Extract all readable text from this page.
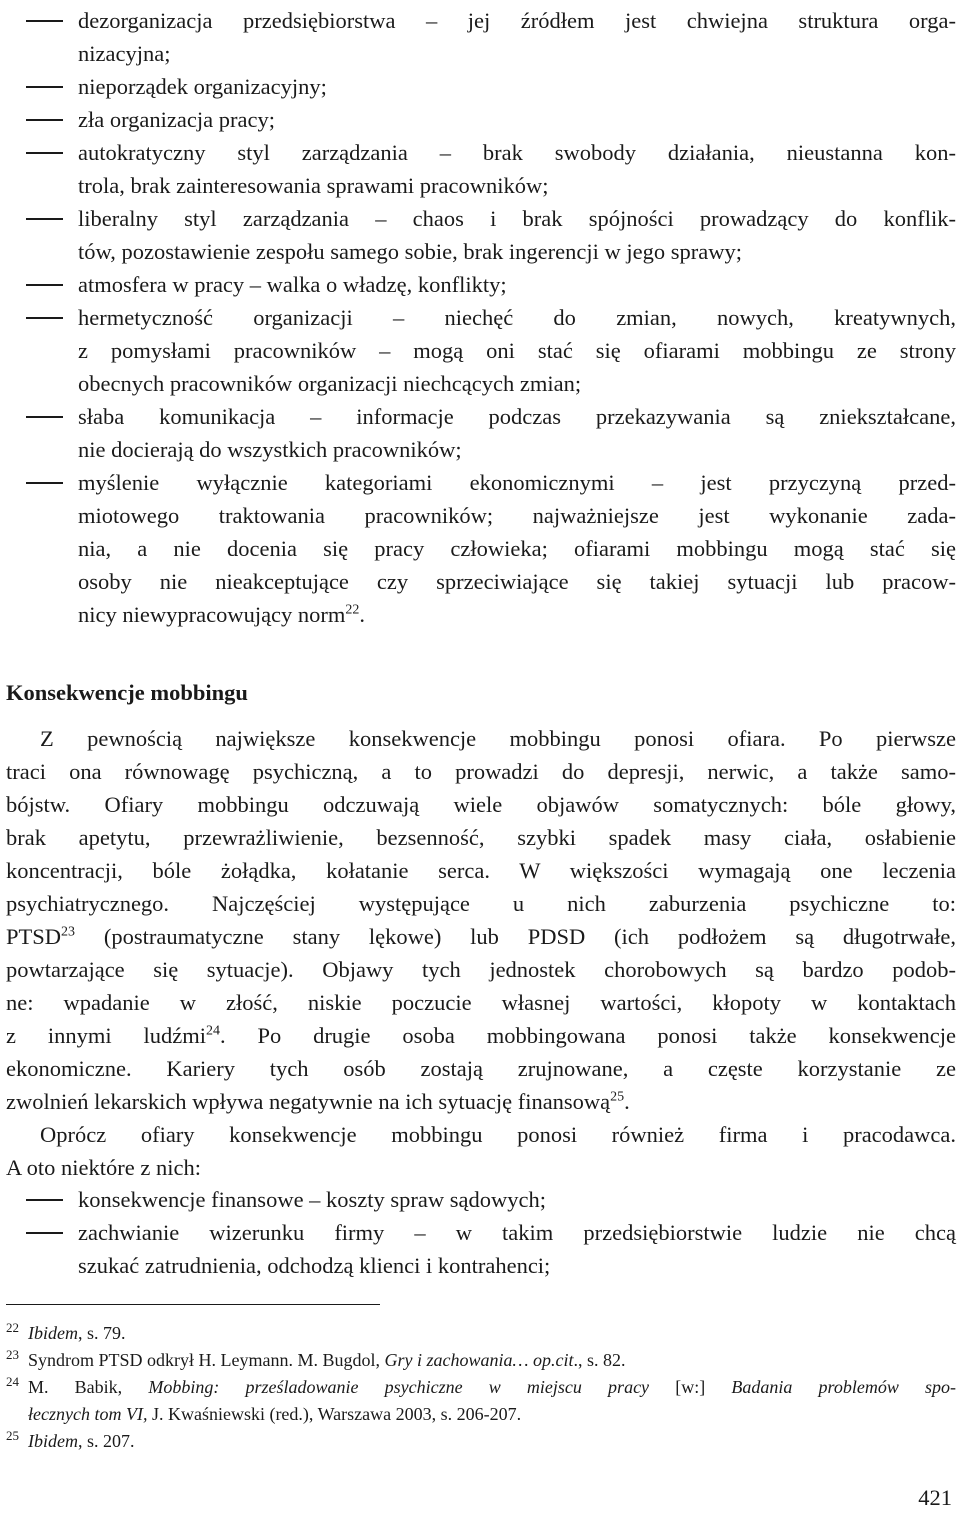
dezorganizacja przedsiębiorstwa – jej źródłem jest chwiejna struktura orga-
nizacyjna;
nieporządek organizacyjny;
zła organizacja pracy;
autokratyczny styl zarządzania – brak swobody działania, nieustanna kon-
trola, brak zainteresowania sprawami pracowników;
liberalny styl zarządzania – chaos i brak spójności prowadzący do konflik-
tów, pozostawienie zespołu samego sobie, brak ingerencji w jego sprawy;
atmosfera w pracy – walka o władzę, konflikty;
hermetyczność organizacji – niechęć do zmian, nowych, kreatywnych,
z pomysłami pracowników – mogą oni stać się ofiarami mobbingu ze strony
obecnych pracowników organizacji niechcących zmian;
słaba komunikacja – informacje podczas przekazywania są zniekształcane,
nie docierają do wszystkich pracowników;
myślenie wyłącznie kategoriami ekonomicznymi – jest przyczyną przed-
miotowego traktowania pracowników; najważniejsze jest wykonanie zada-
nia, a nie docenia się pracy człowieka; ofiarami mobbingu mogą stać się
osoby nie nieakceptujące czy sprzeciwiające się takiej sytuacji lub pracow-
nicy niewypracowujący norm$^{22}$.
Konsekwencje mobbingu
Z pewnością największe konsekwencje mobbingu ponosi ofiara. Po pierwsze
traci ona równowagę psychiczną, a to prowadzi do depresji, nerwic, a także samo-
bójstw. Ofiary mobbingu odczuwają wiele objawów somatycznych: bóle głowy,
brak apetytu, przewrażliwienie, bezsenność, szybki spadek masy ciała, osłabienie
koncentracji, bóle żołądka, kołatanie serca. W większości wymagają one leczenia
psychiatrycznego. Najczęściej występujące u nich zaburzenia psychiczne to:
PTSD$^{23}$ (postraumatyczne stany lękowe) lub PDSD (ich podłożem są długotrwałe,
powtarzające się sytuacje). Objawy tych jednostek chorobowych są bardzo podob-
ne: wpadanie w złość, niskie poczucie własnej wartości, kłopoty w kontaktach
z innymi ludźmi$^{24}$. Po drugie osoba mobbingowana ponosi także konsekwencje
ekonomiczne. Kariery tych osób zostają zrujnowane, a częste korzystanie ze
zwolnień lekarskich wpływa negatywnie na ich sytuację finansową$^{25}$.
Oprócz ofiary konsekwencje mobbingu ponosi również firma i pracodawca.
A oto niektóre z nich:
konsekwencje finansowe – koszty spraw sądowych;
zachwianie wizerunku firmy – w takim przedsiębiorstwie ludzie nie chcą
szukać zatrudnienia, odchodzą klienci i kontrahenci;
22 Ibidem, s. 79.
23 Syndrom PTSD odkrył H. Leymann. M. Bugdol, Gry i zachowania… op.cit., s. 82.
24 M. Babik, Mobbing: prześladowanie psychiczne w miejscu pracy [w:] Badania problemów spo-
łecznych tom VI, J. Kwaśniewski (red.), Warszawa 2003, s. 206-207.
25 Ibidem, s. 207.
421
